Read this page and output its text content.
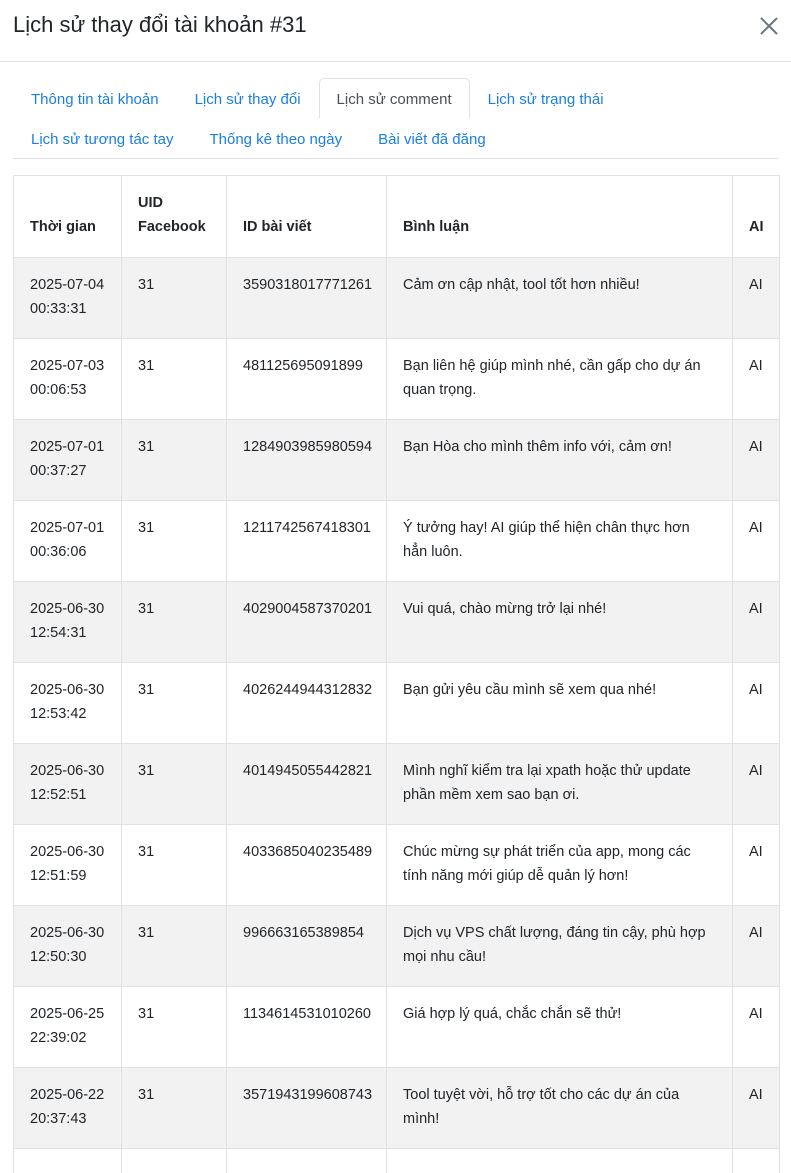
Lịch sử thay đổi tài khoản #31
Thông tin tài khoản	Lịch sử thay đổi	Lịch sử comment	Lịch sử trạng thái
Lịch sử tương tác tay	Thống kê theo ngày	Bài viết đã đăng
Thời gian	UID Facebook	ID bài viết	Bình luận	AI

2025-07-04
00:33:31	31	3590318017771261	Cảm ơn cập nhật, tool tốt hơn nhiều!	AI

2025-07-03
00:06:53	31	481125695091899	Bạn liên hệ giúp mình nhé, cần gấp cho dự án quan trọng.	AI

2025-07-01
00:37:27	31	1284903985980594	Bạn Hòa cho mình thêm info với, cảm ơn!	AI

2025-07-01
00:36:06	31	1211742567418301	Ý tưởng hay! AI giúp thể hiện chân thực hơn hẳn luôn.	AI

2025-06-30
12:54:31	31	4029004587370201	Vui quá, chào mừng trở lại nhé!	AI

2025-06-30
12:53:42	31	4026244944312832	Bạn gửi yêu cầu mình sẽ xem qua nhé!	AI

2025-06-30
12:52:51	31	4014945055442821	Mình nghĩ kiểm tra lại xpath hoặc thử update phần mềm xem sao bạn ơi.	AI

2025-06-30
12:51:59	31	4033685040235489	Chúc mừng sự phát triển của app, mong các tính năng mới giúp dễ quản lý hơn!	AI

2025-06-30
12:50:30	31	996663165389854	Dịch vụ VPS chất lượng, đáng tin cậy, phù hợp mọi nhu cầu!	AI

2025-06-25
22:39:02	31	1134614531010260	Giá hợp lý quá, chắc chắn sẽ thử!	AI

2025-06-22
20:37:43	31	3571943199608743	Tool tuyệt vời, hỗ trợ tốt cho các dự án của mình!	AI
